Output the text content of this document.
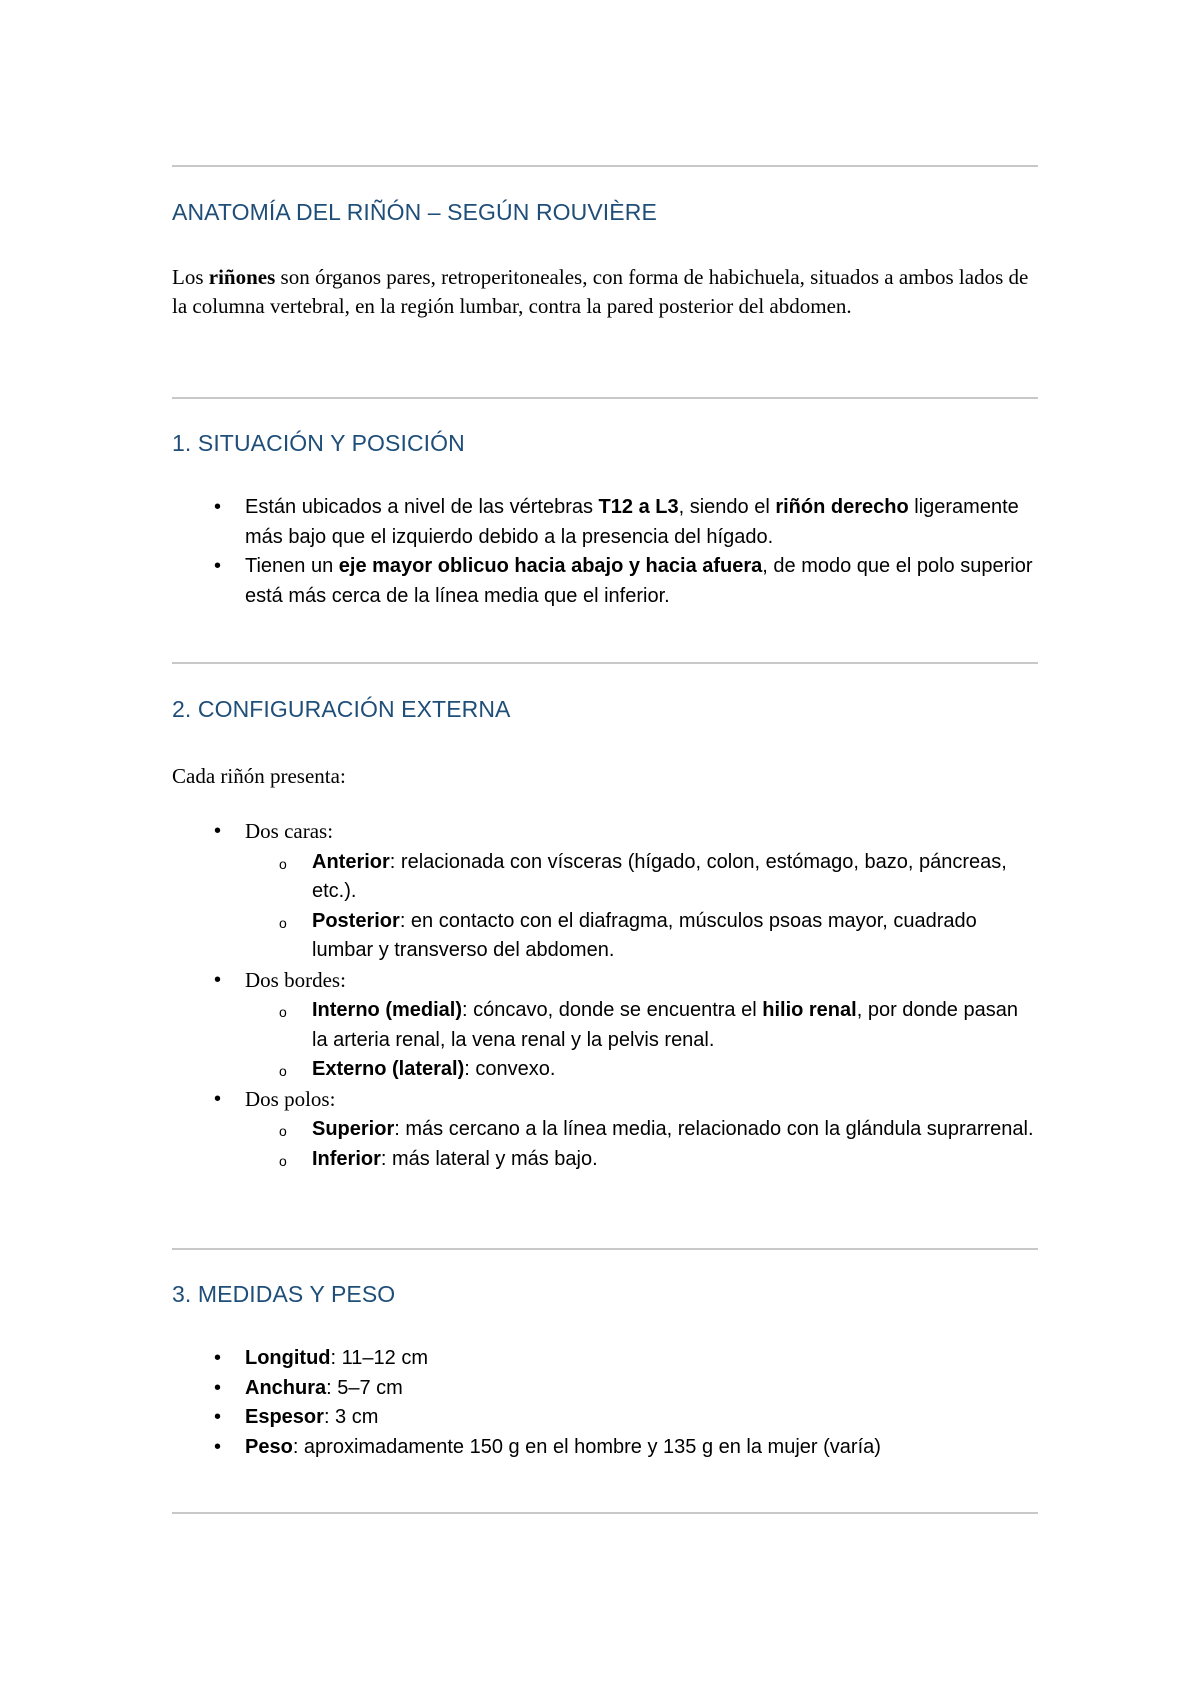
ANATOMÍA DEL RIÑÓN – SEGÚN ROUVIÈRE

Los riñones son órganos pares, retroperitoneales, con forma de habichuela, situados a ambos lados de la columna vertebral, en la región lumbar, contra la pared posterior del abdomen.

1. SITUACIÓN Y POSICIÓN
• Están ubicados a nivel de las vértebras T12 a L3, siendo el riñón derecho ligeramente más bajo que el izquierdo debido a la presencia del hígado.
• Tienen un eje mayor oblicuo hacia abajo y hacia afuera, de modo que el polo superior está más cerca de la línea media que el inferior.
2. CONFIGURACIÓN EXTERNA

Cada riñón presenta:

• Dos caras:
o Anterior: relacionada con vísceras (hígado, colon, estómago, bazo, páncreas, etc.).
o Posterior: en contacto con el diafragma, músculos psoas mayor, cuadrado lumbar y transverso del abdomen.
• Dos bordes:
o Interno (medial): cóncavo, donde se encuentra el hilio renal, por donde pasan la arteria renal, la vena renal y la pelvis renal.
o Externo (lateral): convexo.
• Dos polos:
o Superior: más cercano a la línea media, relacionado con la glándula suprarrenal.
o Inferior: más lateral y más bajo.
3. MEDIDAS Y PESO
• Longitud: 11–12 cm
• Anchura: 5–7 cm
• Espesor: 3 cm
• Peso: aproximadamente 150 g en el hombre y 135 g en la mujer (varía)
